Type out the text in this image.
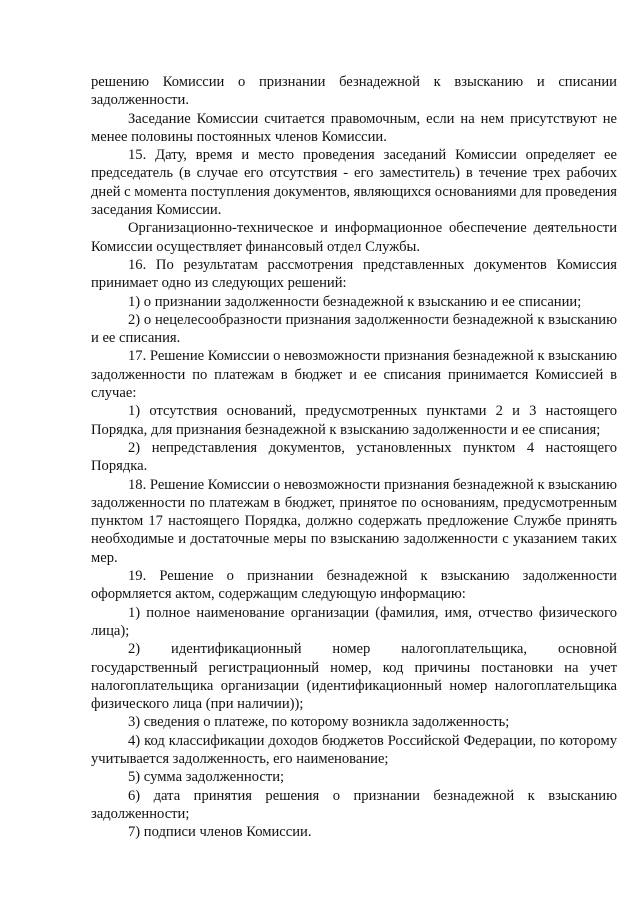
решению Комиссии о признании безнадежной к взысканию и списании задолженности.

Заседание Комиссии считается правомочным, если на нем присутствуют не менее половины постоянных членов Комиссии.

15. Дату, время и место проведения заседаний Комиссии определяет ее председатель (в случае его отсутствия - его заместитель) в течение трех рабочих дней с момента поступления документов, являющихся основаниями для проведения заседания Комиссии.

Организационно-техническое и информационное обеспечение деятельности Комиссии осуществляет финансовый отдел Службы.

16. По результатам рассмотрения представленных документов Комиссия принимает одно из следующих решений:

1) о признании задолженности безнадежной к взысканию и ее списании;

2) о нецелесообразности признания задолженности безнадежной к взысканию и ее списания.

17. Решение Комиссии о невозможности признания безнадежной к взысканию задолженности по платежам в бюджет и ее списания принимается Комиссией в случае:

1) отсутствия оснований, предусмотренных пунктами 2 и 3 настоящего Порядка, для признания безнадежной к взысканию задолженности и ее списания;

2) непредставления документов, установленных пунктом 4 настоящего Порядка.

18. Решение Комиссии о невозможности признания безнадежной к взысканию задолженности по платежам в бюджет, принятое по основаниям, предусмотренным пунктом 17 настоящего Порядка, должно содержать предложение Службе принять необходимые и достаточные меры по взысканию задолженности с указанием таких мер.

19. Решение о признании безнадежной к взысканию задолженности оформляется актом, содержащим следующую информацию:

1) полное наименование организации (фамилия, имя, отчество физического лица);

2) идентификационный номер налогоплательщика, основной государственный регистрационный номер, код причины постановки на учет налогоплательщика организации (идентификационный номер налогоплательщика физического лица (при наличии));

3) сведения о платеже, по которому возникла задолженность;

4) код классификации доходов бюджетов Российской Федерации, по которому учитывается задолженность, его наименование;

5) сумма задолженности;

6) дата принятия решения о признании безнадежной к взысканию задолженности;

7) подписи членов Комиссии.
